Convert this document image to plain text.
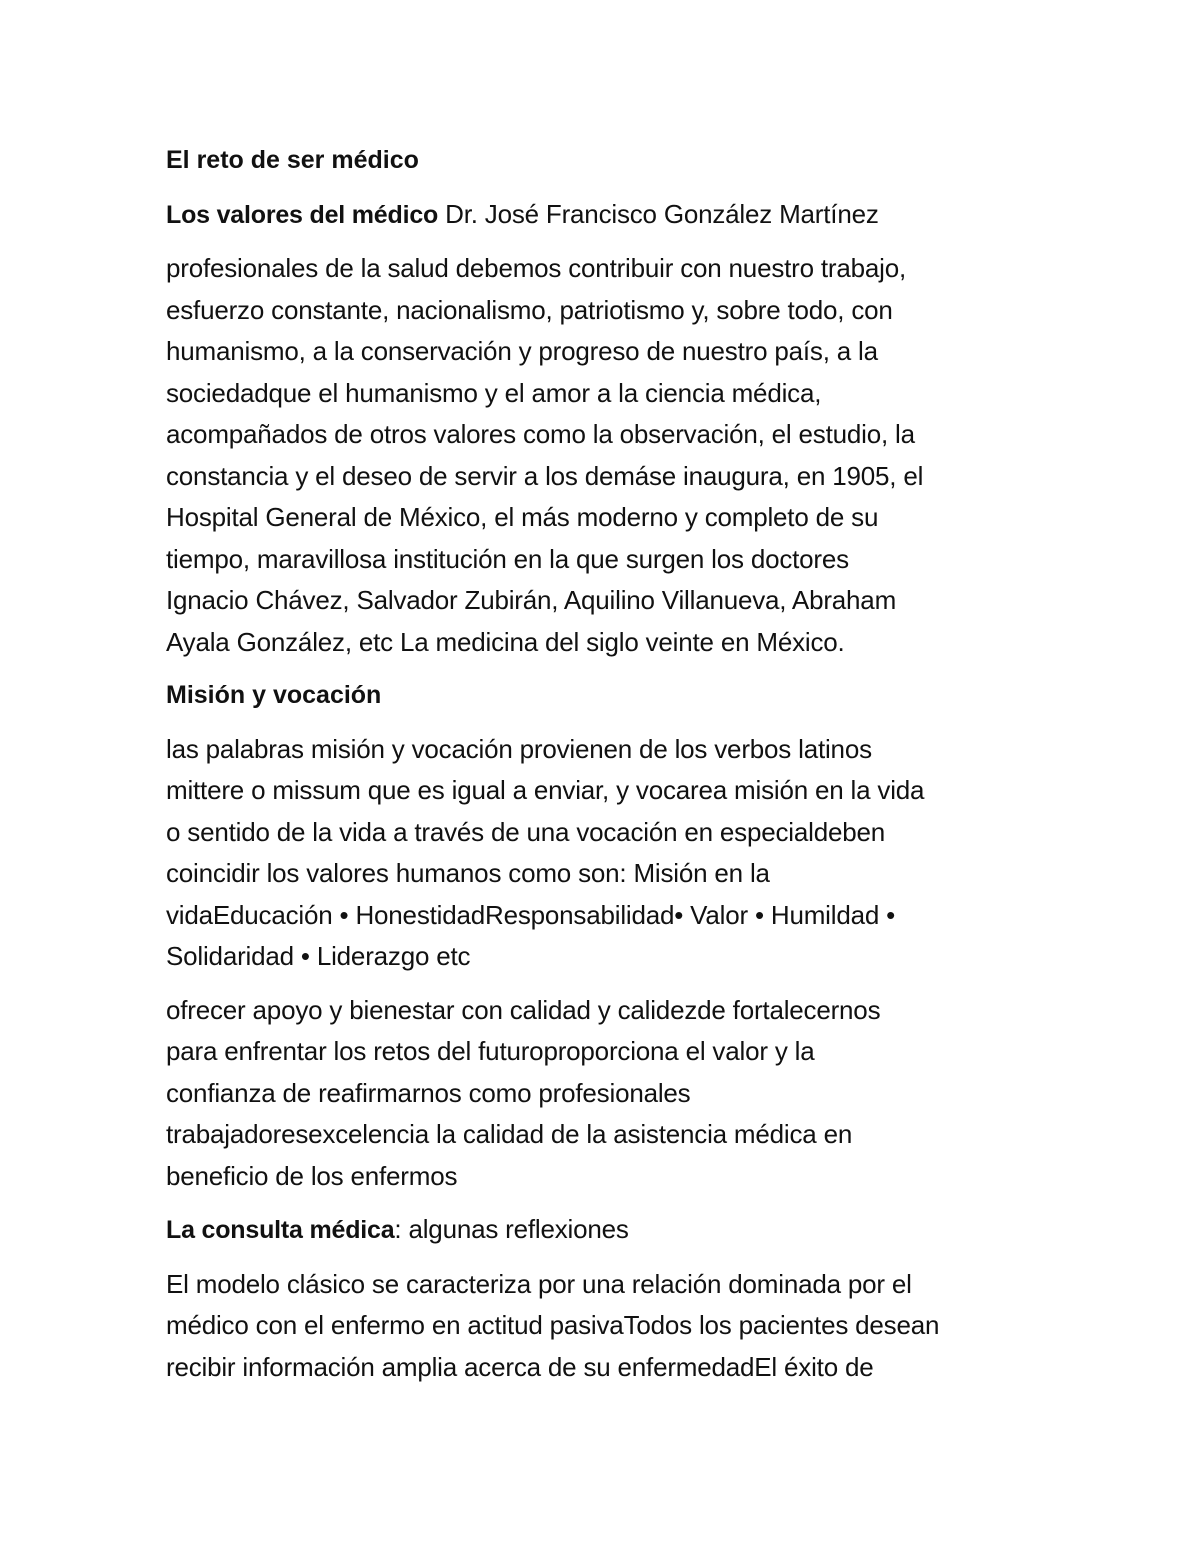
El reto de ser médico
Los valores del médico Dr. José Francisco González Martínez
profesionales de la salud debemos contribuir con nuestro trabajo,
esfuerzo constante, nacionalismo, patriotismo y, sobre todo, con
humanismo, a la conservación y progreso de nuestro país, a la
sociedadque el humanismo y el amor a la ciencia médica,
acompañados de otros valores como la observación, el estudio, la
constancia y el deseo de servir a los demáse inaugura, en 1905, el
Hospital General de México, el más moderno y completo de su
tiempo, maravillosa institución en la que surgen los doctores
Ignacio Chávez, Salvador Zubirán, Aquilino Villanueva, Abraham
Ayala González, etc La medicina del siglo veinte en México.
Misión y vocación
las palabras misión y vocación provienen de los verbos latinos
mittere o missum que es igual a enviar, y vocarea misión en la vida
o sentido de la vida a través de una vocación en especialdeben
coincidir los valores humanos como son: Misión en la
vidaEducación • HonestidadResponsabilidad• Valor • Humildad •
Solidaridad • Liderazgo etc
ofrecer apoyo y bienestar con calidad y calidezde fortalecernos
para enfrentar los retos del futuroproporciona el valor y la
confianza de reafirmarnos como profesionales
trabajadoresexcelencia la calidad de la asistencia médica en
beneficio de los enfermos
La consulta médica: algunas reflexiones
El modelo clásico se caracteriza por una relación dominada por el
médico con el enfermo en actitud pasivaTodos los pacientes desean
recibir información amplia acerca de su enfermedadEl éxito de
